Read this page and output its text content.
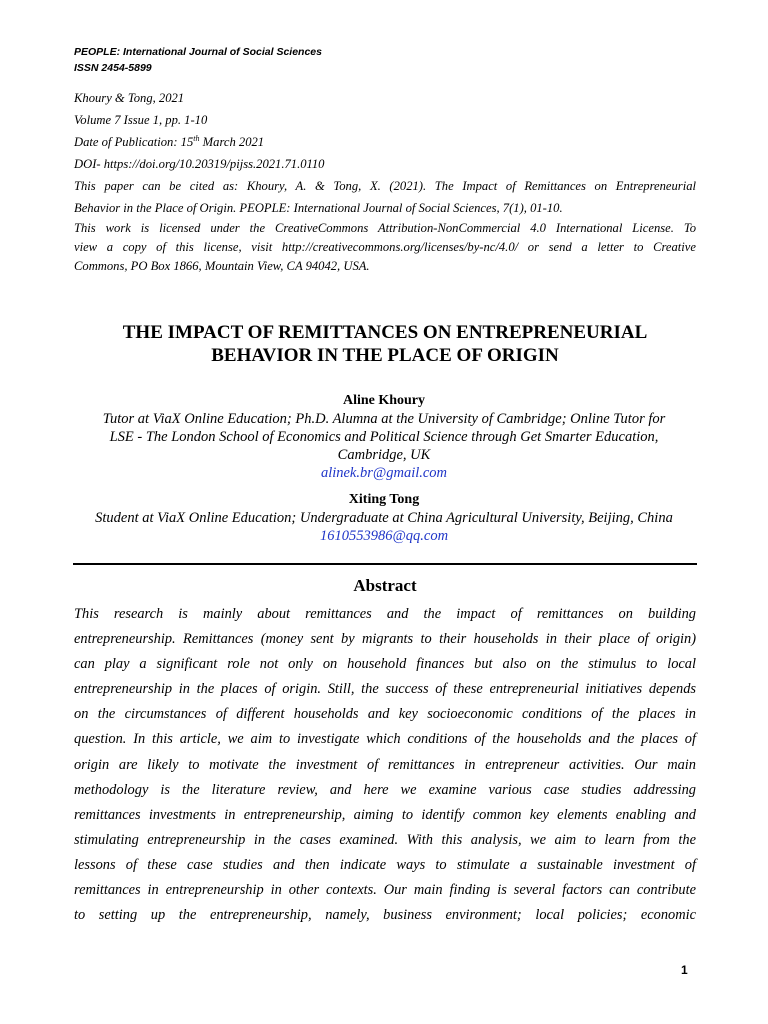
PEOPLE: International Journal of Social Sciences
ISSN 2454-5899
Khoury & Tong, 2021
Volume 7 Issue 1, pp. 1-10
Date of Publication: 15th March 2021
DOI- https://doi.org/10.20319/pijss.2021.71.0110
This paper can be cited as: Khoury, A. & Tong, X. (2021). The Impact of Remittances on Entrepreneurial
Behavior in the Place of Origin. PEOPLE: International Journal of Social Sciences, 7(1), 01-10.
This work is licensed under the CreativeCommons Attribution-NonCommercial 4.0 International License. To
view a copy of this license, visit http://creativecommons.org/licenses/by-nc/4.0/ or send a letter to Creative
Commons, PO Box 1866, Mountain View, CA 94042, USA.
THE IMPACT OF REMITTANCES ON ENTREPRENEURIAL
BEHAVIOR IN THE PLACE OF ORIGIN
Aline Khoury
Tutor at ViaX Online Education; Ph.D. Alumna at the University of Cambridge; Online Tutor for
LSE - The London School of Economics and Political Science through Get Smarter Education,
Cambridge, UK
alinek.br@gmail.com
Xiting Tong
Student at ViaX Online Education; Undergraduate at China Agricultural University, Beijing, China
1610553986@qq.com
Abstract
This research is mainly about remittances and the impact of remittances on building
entrepreneurship. Remittances (money sent by migrants to their households in their place of origin)
can play a significant role not only on household finances but also on the stimulus to local
entrepreneurship in the places of origin. Still, the success of these entrepreneurial initiatives depends
on the circumstances of different households and key socioeconomic conditions of the places in
question. In this article, we aim to investigate which conditions of the households and the places of
origin are likely to motivate the investment of remittances in entrepreneur activities. Our main
methodology is the literature review, and here we examine various case studies addressing
remittances investments in entrepreneurship, aiming to identify common key elements enabling and
stimulating entrepreneurship in the cases examined. With this analysis, we aim to learn from the
lessons of these case studies and then indicate ways to stimulate a sustainable investment of
remittances in entrepreneurship in other contexts. Our main finding is several factors can contribute
to setting up the entrepreneurship, namely, business environment; local policies; economic
1
